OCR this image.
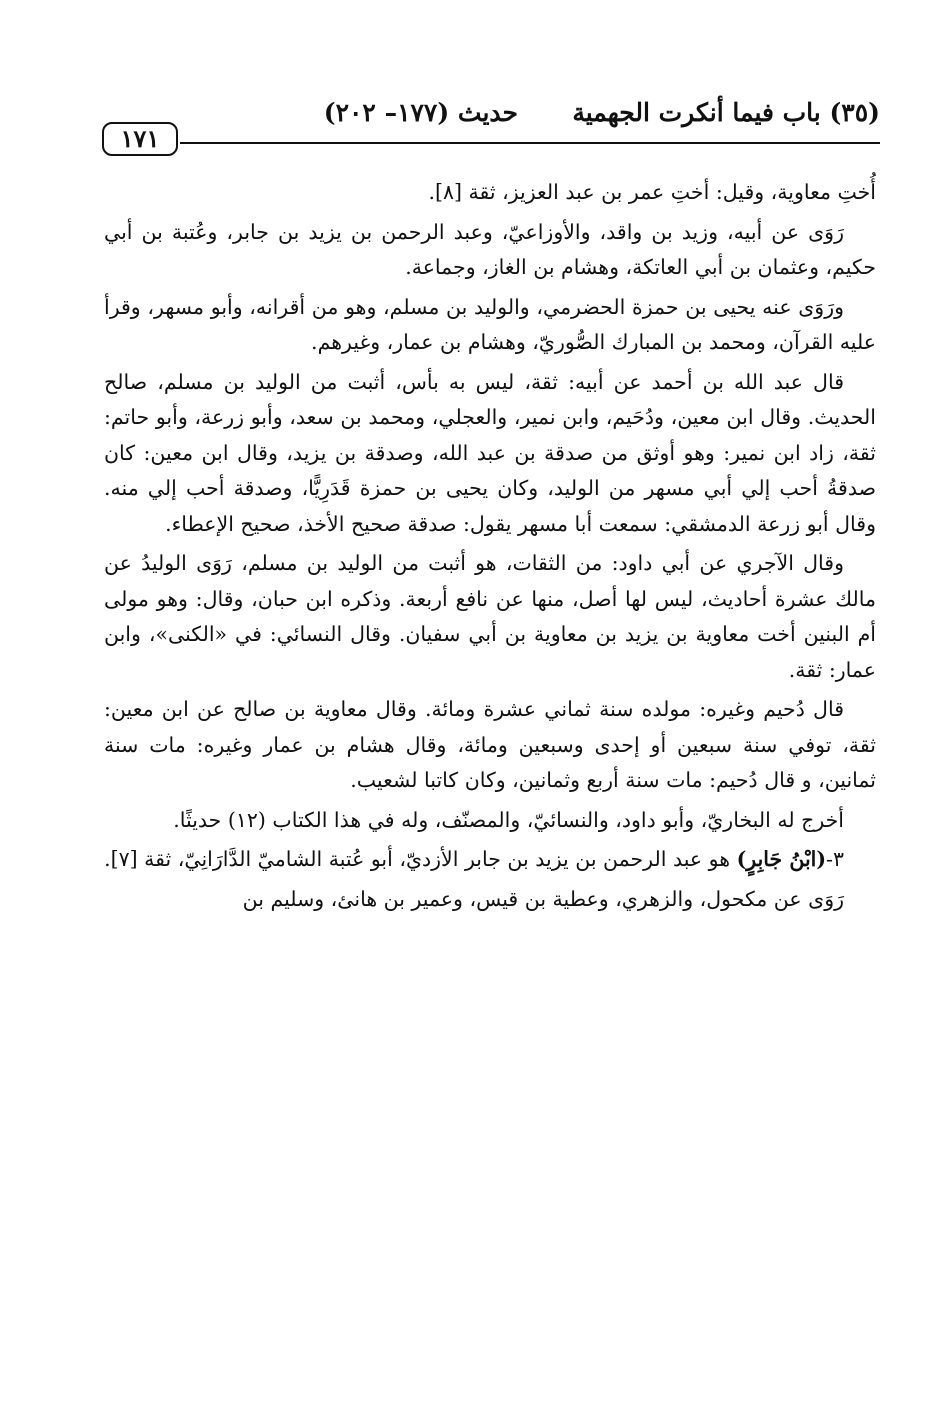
(٣٥) باب فيما أنكرت الجهمية
حديث (١٧٧– ٢٠٢)
١٧١

أُختِ معاوية، وقيل: أختِ عمر بن عبد العزيز، ثقة [٨].

رَوَى عن أبيه، وزيد بن واقد، والأوزاعيّ، وعبد الرحمن بن يزيد بن جابر، وعُتبة بن أبي حكيم، وعثمان بن أبي العاتكة، وهشام بن الغاز، وجماعة.

ورَوَى عنه يحيى بن حمزة الحضرمي، والوليد بن مسلم، وهو من أقرانه، وأبو مسهر، وقرأ عليه القرآن، ومحمد بن المبارك الصُّوريّ، وهشام بن عمار، وغيرهم.

قال عبد الله بن أحمد عن أبيه: ثقة، ليس به بأس، أثبت من الوليد بن مسلم، صالح الحديث. وقال ابن معين، ودُحَيم، وابن نمير، والعجلي، ومحمد بن سعد، وأبو زرعة، وأبو حاتم: ثقة، زاد ابن نمير: وهو أوثق من صدقة بن عبد الله، وصدقة بن يزيد، وقال ابن معين: كان صدقةُ أحب إلي أبي مسهر من الوليد، وكان يحيى بن حمزة قَدَرِيًّا، وصدقة أحب إلي منه. وقال أبو زرعة الدمشقي: سمعت أبا مسهر يقول: صدقة صحيح الأخذ، صحيح الإعطاء.

وقال الآجري عن أبي داود: من الثقات، هو أثبت من الوليد بن مسلم، رَوَى الوليدُ عن مالك عشرة أحاديث، ليس لها أصل، منها عن نافع أربعة. وذكره ابن حبان، وقال: وهو مولى أم البنين أخت معاوية بن يزيد بن معاوية بن أبي سفيان. وقال النسائي: في «الكنى»، وابن عمار: ثقة.

قال دُحيم وغيره: مولده سنة ثماني عشرة ومائة. وقال معاوية بن صالح عن ابن معين: ثقة، توفي سنة سبعين أو إحدى وسبعين ومائة، وقال هشام بن عمار وغيره: مات سنة ثمانين، و قال دُحيم: مات سنة أربع وثمانين، وكان كاتبا لشعيب.

أخرج له البخاريّ، وأبو داود، والنسائيّ، والمصنّف، وله في هذا الكتاب (١٢) حديثًا.

٣-(ابْنُ جَابِرٍ) هو عبد الرحمن بن يزيد بن جابر الأزديّ، أبو عُتبة الشاميّ الدَّارَانِيّ، ثقة [٧].

رَوَى عن مكحول، والزهري، وعطية بن قيس، وعمير بن هانئ، وسليم بن
